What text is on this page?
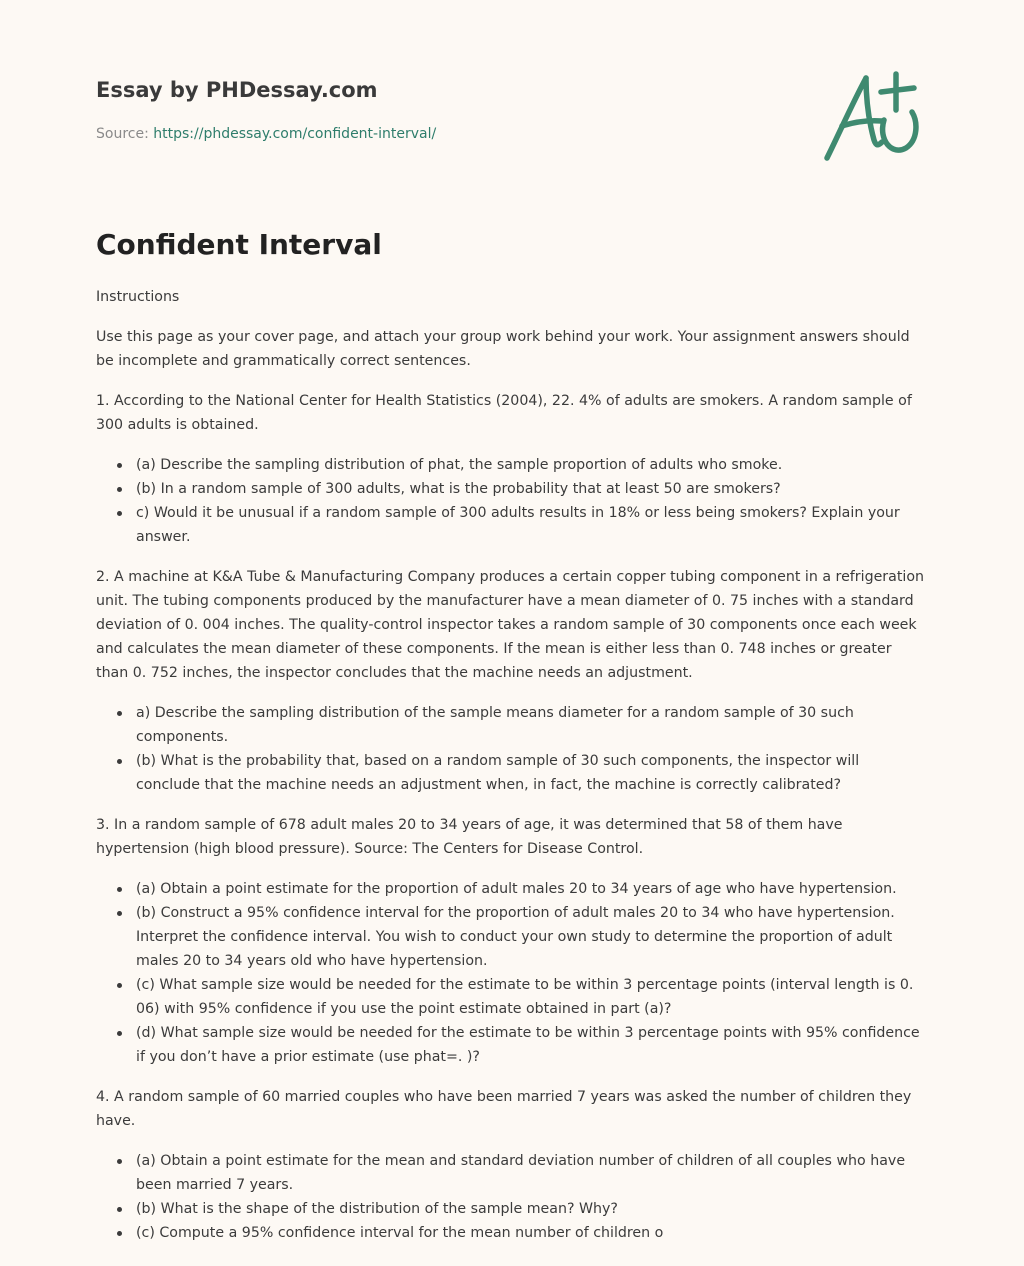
Essay by PHDessay.com
Source: https://phdessay.com/confident-interval/
Confident Interval

Instructions

Use this page as your cover page, and attach your group work behind your work. Your assignment answers should be incomplete and grammatically correct sentences.

1. According to the National Center for Health Statistics (2004), 22. 4% of adults are smokers. A random sample of 300 adults is obtained.

(a) Describe the sampling distribution of phat, the sample proportion of adults who smoke.
(b) In a random sample of 300 adults, what is the probability that at least 50 are smokers?
c) Would it be unusual if a random sample of 300 adults results in 18% or less being smokers? Explain your answer.

2. A machine at K&A Tube & Manufacturing Company produces a certain copper tubing component in a refrigeration unit. The tubing components produced by the manufacturer have a mean diameter of 0. 75 inches with a standard deviation of 0. 004 inches. The quality-control inspector takes a random sample of 30 components once each week and calculates the mean diameter of these components. If the mean is either less than 0. 748 inches or greater than 0. 752 inches, the inspector concludes that the machine needs an adjustment.

a) Describe the sampling distribution of the sample means diameter for a random sample of 30 such components.
(b) What is the probability that, based on a random sample of 30 such components, the inspector will conclude that the machine needs an adjustment when, in fact, the machine is correctly calibrated?

3. In a random sample of 678 adult males 20 to 34 years of age, it was determined that 58 of them have hypertension (high blood pressure). Source: The Centers for Disease Control.

(a) Obtain a point estimate for the proportion of adult males 20 to 34 years of age who have hypertension.
(b) Construct a 95% confidence interval for the proportion of adult males 20 to 34 who have hypertension. Interpret the confidence interval. You wish to conduct your own study to determine the proportion of adult males 20 to 34 years old who have hypertension.
(c) What sample size would be needed for the estimate to be within 3 percentage points (interval length is 0. 06) with 95% confidence if you use the point estimate obtained in part (a)?
(d) What sample size would be needed for the estimate to be within 3 percentage points with 95% confidence if you don’t have a prior estimate (use phat=. )?

4. A random sample of 60 married couples who have been married 7 years was asked the number of children they have.

(a) Obtain a point estimate for the mean and standard deviation number of children of all couples who have been married 7 years.
(b) What is the shape of the distribution of the sample mean? Why?
(c) Compute a 95% confidence interval for the mean number of children o
